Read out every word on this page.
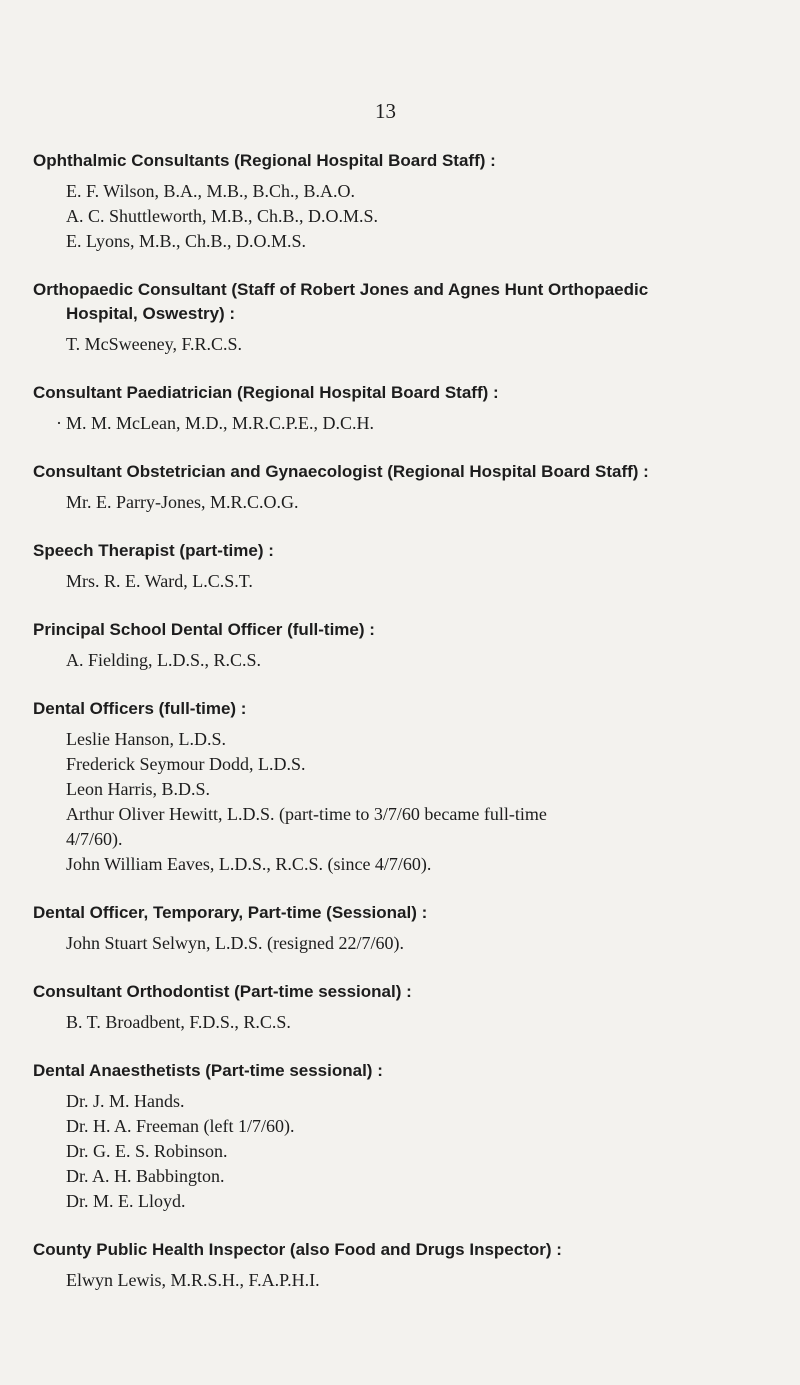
13
Ophthalmic Consultants (Regional Hospital Board Staff) :
E. F. Wilson, B.A., M.B., B.Ch., B.A.O.
A. C. Shuttleworth, M.B., Ch.B., D.O.M.S.
E. Lyons, M.B., Ch.B., D.O.M.S.
Orthopaedic Consultant (Staff of Robert Jones and Agnes Hunt Orthopaedic
Hospital, Oswestry) :
T. McSweeney, F.R.C.S.
Consultant Paediatrician (Regional Hospital Board Staff) :
· M. M. McLean, M.D., M.R.C.P.E., D.C.H.
Consultant Obstetrician and Gynaecologist (Regional Hospital Board Staff) :
Mr. E. Parry-Jones, M.R.C.O.G.
Speech Therapist (part-time) :
Mrs. R. E. Ward, L.C.S.T.
Principal School Dental Officer (full-time) :
A. Fielding, L.D.S., R.C.S.
Dental Officers (full-time) :
Leslie Hanson, L.D.S.
Frederick Seymour Dodd, L.D.S.
Leon Harris, B.D.S.
Arthur Oliver Hewitt, L.D.S. (part-time to 3/7/60 became full-time
4/7/60).
John William Eaves, L.D.S., R.C.S. (since 4/7/60).
Dental Officer, Temporary, Part-time (Sessional) :
John Stuart Selwyn, L.D.S. (resigned 22/7/60).
Consultant Orthodontist (Part-time sessional) :
B. T. Broadbent, F.D.S., R.C.S.
Dental Anaesthetists (Part-time sessional) :
Dr. J. M. Hands.
Dr. H. A. Freeman (left 1/7/60).
Dr. G. E. S. Robinson.
Dr. A. H. Babbington.
Dr. M. E. Lloyd.
County Public Health Inspector (also Food and Drugs Inspector) :
Elwyn Lewis, M.R.S.H., F.A.P.H.I.
